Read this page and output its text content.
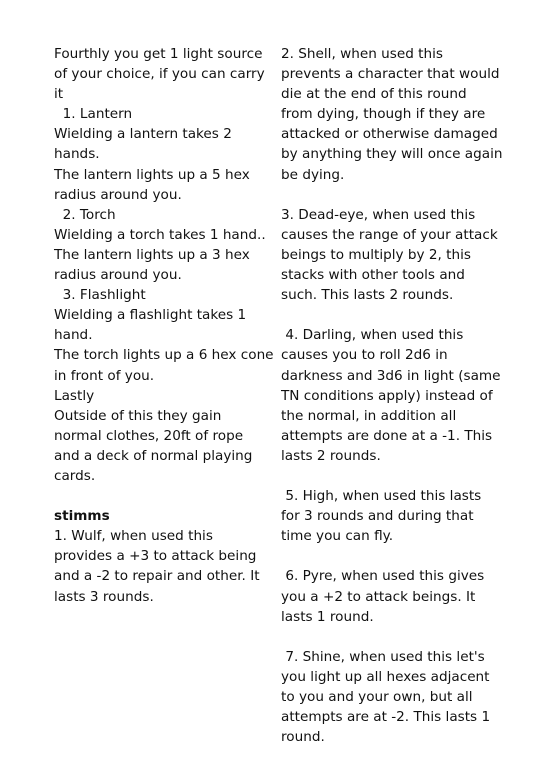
Fourthly you get 1 light source
of your choice, if you can carry
it
1. Lantern
Wielding a lantern takes 2
hands.
The lantern lights up a 5 hex
radius around you.
2. Torch
Wielding a torch takes 1 hand..
The lantern lights up a 3 hex
radius around you.
3. Flashlight
Wielding a flashlight takes 1
hand.
The torch lights up a 6 hex cone
in front of you.
Lastly
Outside of this they gain
normal clothes, 20ft of rope
and a deck of normal playing
cards.
stimms
1. Wulf, when used this
provides a +3 to attack being
and a -2 to repair and other. It
lasts 3 rounds.
2. Shell, when used this
prevents a character that would
die at the end of this round
from dying, though if they are
attacked or otherwise damaged
by anything they will once again
be dying.
3. Dead-eye, when used this
causes the range of your attack
beings to multiply by 2, this
stacks with other tools and
such. This lasts 2 rounds.
4. Darling, when used this
causes you to roll 2d6 in
darkness and 3d6 in light (same
TN conditions apply) instead of
the normal, in addition all
attempts are done at a -1. This
lasts 2 rounds.
5. High, when used this lasts
for 3 rounds and during that
time you can fly.
6. Pyre, when used this gives
you a +2 to attack beings. It
lasts 1 round.
7. Shine, when used this let's
you light up all hexes adjacent
to you and your own, but all
attempts are at -2. This lasts 1
round.
